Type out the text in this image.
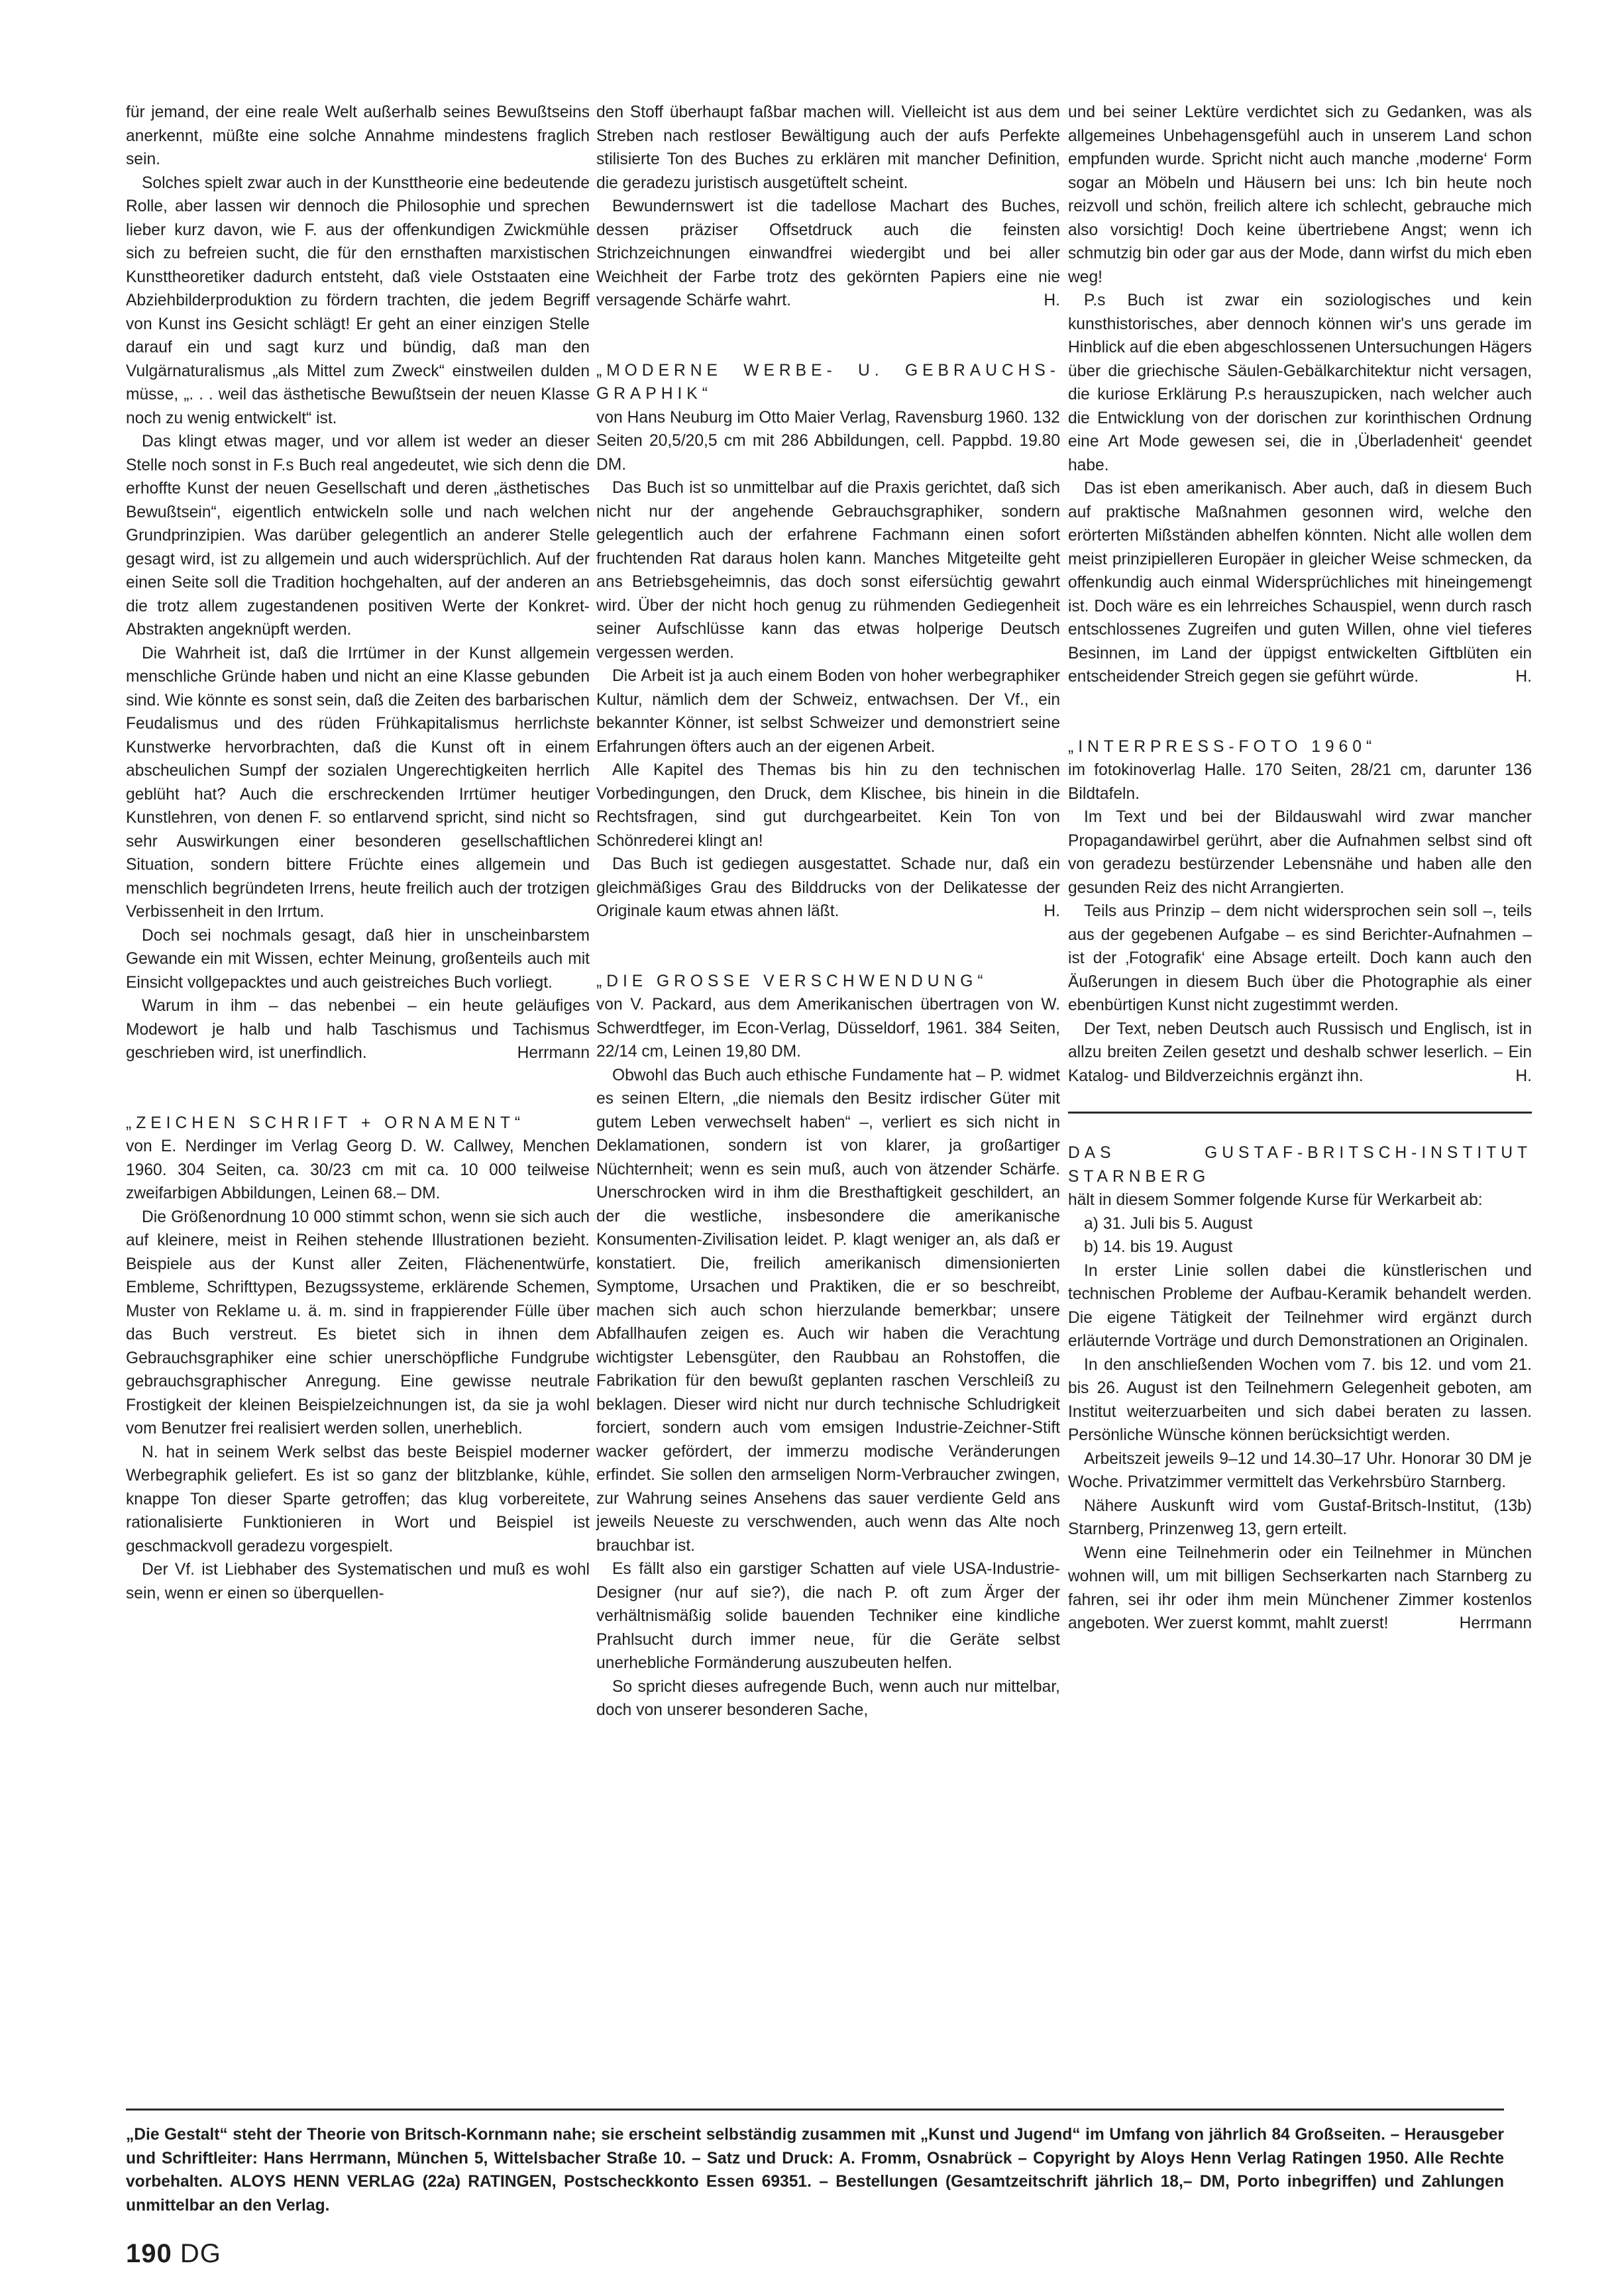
für jemand, der eine reale Welt außerhalb seines Bewußtseins anerkennt, müßte eine solche Annahme mindestens fraglich sein.

Solches spielt zwar auch in der Kunsttheorie eine bedeutende Rolle, aber lassen wir dennoch die Philosophie und sprechen lieber kurz davon, wie F. aus der offenkundigen Zwickmühle sich zu befreien sucht, die für den ernsthaften marxistischen Kunsttheoretiker dadurch entsteht, daß viele Oststaaten eine Abziehbilderproduktion zu fördern trachten, die jedem Begriff von Kunst ins Gesicht schlägt! Er geht an einer einzigen Stelle darauf ein und sagt kurz und bündig, daß man den Vulgärnaturalismus „als Mittel zum Zweck“ einstweilen dulden müsse, „. . . weil das ästhetische Bewußtsein der neuen Klasse noch zu wenig entwickelt“ ist.

Das klingt etwas mager, und vor allem ist weder an dieser Stelle noch sonst in F.s Buch real angedeutet, wie sich denn die erhoffte Kunst der neuen Gesellschaft und deren „ästhetisches Bewußtsein“, eigentlich entwickeln solle und nach welchen Grundprinzipien. Was darüber gelegentlich an anderer Stelle gesagt wird, ist zu allgemein und auch widersprüchlich. Auf der einen Seite soll die Tradition hochgehalten, auf der anderen an die trotz allem zugestandenen positiven Werte der Konkret-Abstrakten angeknüpft werden.

Die Wahrheit ist, daß die Irrtümer in der Kunst allgemein menschliche Gründe haben und nicht an eine Klasse gebunden sind. Wie könnte es sonst sein, daß die Zeiten des barbarischen Feudalismus und des rüden Frühkapitalismus herrlichste Kunstwerke hervorbrachten, daß die Kunst oft in einem abscheulichen Sumpf der sozialen Ungerechtigkeiten herrlich geblüht hat? Auch die erschreckenden Irrtümer heutiger Kunstlehren, von denen F. so entlarvend spricht, sind nicht so sehr Auswirkungen einer besonderen gesellschaftlichen Situation, sondern bittere Früchte eines allgemein und menschlich begründeten Irrens, heute freilich auch der trotzigen Verbissenheit in den Irrtum.

Doch sei nochmals gesagt, daß hier in unscheinbarstem Gewande ein mit Wissen, echter Meinung, großenteils auch mit Einsicht vollgepacktes und auch geistreiches Buch vorliegt.

Warum in ihm – das nebenbei – ein heute geläufiges Modewort je halb und halb Taschismus und Tachismus geschrieben wird, ist unerfindlich.	Herrmann

„ZEICHEN SCHRIFT + ORNAMENT“

von E. Nerdinger im Verlag Georg D. W. Callwey, Menchen 1960. 304 Seiten, ca. 30/23 cm mit ca. 10 000 teilweise zweifarbigen Abbildungen, Leinen 68.– DM.

Die Größenordnung 10 000 stimmt schon, wenn sie sich auch auf kleinere, meist in Reihen stehende Illustrationen bezieht. Beispiele aus der Kunst aller Zeiten, Flächenentwürfe, Embleme, Schrifttypen, Bezugssysteme, erklärende Schemen, Muster von Reklame u. ä. m. sind in frappierender Fülle über das Buch verstreut. Es bietet sich in ihnen dem Gebrauchsgraphiker eine schier unerschöpfliche Fundgrube gebrauchsgraphischer Anregung. Eine gewisse neutrale Frostigkeit der kleinen Beispielzeichnungen ist, da sie ja wohl vom Benutzer frei realisiert werden sollen, unerheblich.

N. hat in seinem Werk selbst das beste Beispiel moderner Werbegraphik geliefert. Es ist so ganz der blitzblanke, kühle, knappe Ton dieser Sparte getroffen; das klug vorbereitete, rationalisierte Funktionieren in Wort und Beispiel ist geschmackvoll geradezu vorgespielt.

Der Vf. ist Liebhaber des Systematischen und muß es wohl sein, wenn er einen so überquellen-

den Stoff überhaupt faßbar machen will. Vielleicht ist aus dem Streben nach restloser Bewältigung auch der aufs Perfekte stilisierte Ton des Buches zu erklären mit mancher Definition, die geradezu juristisch ausgetüftelt scheint.

Bewundernswert ist die tadellose Machart des Buches, dessen präziser Offsetdruck auch die feinsten Strichzeichnungen einwandfrei wiedergibt und bei aller Weichheit der Farbe trotz des gekörnten Papiers eine nie versagende Schärfe wahrt.	H.

„MODERNE WERBE- U. GEBRAUCHS-GRAPHIK“

von Hans Neuburg im Otto Maier Verlag, Ravensburg 1960. 132 Seiten 20,5/20,5 cm mit 286 Abbildungen, cell. Pappbd. 19.80 DM.

Das Buch ist so unmittelbar auf die Praxis gerichtet, daß sich nicht nur der angehende Gebrauchsgraphiker, sondern gelegentlich auch der erfahrene Fachmann einen sofort fruchtenden Rat daraus holen kann. Manches Mitgeteilte geht ans Betriebsgeheimnis, das doch sonst eifersüchtig gewahrt wird. Über der nicht hoch genug zu rühmenden Gediegenheit seiner Aufschlüsse kann das etwas holperige Deutsch vergessen werden.

Die Arbeit ist ja auch einem Boden von hoher werbegraphiker Kultur, nämlich dem der Schweiz, entwachsen. Der Vf., ein bekannter Könner, ist selbst Schweizer und demonstriert seine Erfahrungen öfters auch an der eigenen Arbeit.

Alle Kapitel des Themas bis hin zu den technischen Vorbedingungen, den Druck, dem Klischee, bis hinein in die Rechtsfragen, sind gut durchgearbeitet. Kein Ton von Schönrederei klingt an!

Das Buch ist gediegen ausgestattet. Schade nur, daß ein gleichmäßiges Grau des Bilddrucks von der Delikatesse der Originale kaum etwas ahnen läßt.	H.

„DIE GROSSE VERSCHWENDUNG“

von V. Packard, aus dem Amerikanischen übertragen von W. Schwerdtfeger, im Econ-Verlag, Düsseldorf, 1961. 384 Seiten, 22/14 cm, Leinen 19,80 DM.

Obwohl das Buch auch ethische Fundamente hat – P. widmet es seinen Eltern, „die niemals den Besitz irdischer Güter mit gutem Leben verwechselt haben“ –, verliert es sich nicht in Deklamationen, sondern ist von klarer, ja großartiger Nüchternheit; wenn es sein muß, auch von ätzender Schärfe. Unerschrocken wird in ihm die Bresthaftigkeit geschildert, an der die westliche, insbesondere die amerikanische Konsumenten-Zivilisation leidet. P. klagt weniger an, als daß er konstatiert. Die, freilich amerikanisch dimensionierten Symptome, Ursachen und Praktiken, die er so beschreibt, machen sich auch schon hierzulande bemerkbar; unsere Abfallhaufen zeigen es. Auch wir haben die Verachtung wichtigster Lebensgüter, den Raubbau an Rohstoffen, die Fabrikation für den bewußt geplanten raschen Verschleiß zu beklagen. Dieser wird nicht nur durch technische Schludrigkeit forciert, sondern auch vom emsigen Industrie-Zeichner-Stift wacker gefördert, der immerzu modische Veränderungen erfindet. Sie sollen den armseligen Norm-Verbraucher zwingen, zur Wahrung seines Ansehens das sauer verdiente Geld ans jeweils Neueste zu verschwenden, auch wenn das Alte noch brauchbar ist.

Es fällt also ein garstiger Schatten auf viele USA-Industrie-Designer (nur auf sie?), die nach P. oft zum Ärger der verhältnismäßig solide bauenden Techniker eine kindliche Prahlsucht durch immer neue, für die Geräte selbst unerhebliche Formänderung auszubeuten helfen.

So spricht dieses aufregende Buch, wenn auch nur mittelbar, doch von unserer besonderen Sache,

und bei seiner Lektüre verdichtet sich zu Gedanken, was als allgemeines Unbehagensgefühl auch in unserem Land schon empfunden wurde. Spricht nicht auch manche ‚moderne‘ Form sogar an Möbeln und Häusern bei uns: Ich bin heute noch reizvoll und schön, freilich altere ich schlecht, gebrauche mich also vorsichtig! Doch keine übertriebene Angst; wenn ich schmutzig bin oder gar aus der Mode, dann wirfst du mich eben weg!

P.s Buch ist zwar ein soziologisches und kein kunsthistorisches, aber dennoch können wir's uns gerade im Hinblick auf die eben abgeschlossenen Untersuchungen Hägers über die griechische Säulen-Gebälkarchitektur nicht versagen, die kuriose Erklärung P.s herauszupicken, nach welcher auch die Entwicklung von der dorischen zur korinthischen Ordnung eine Art Mode gewesen sei, die in ‚Überladenheit‘ geendet habe.

Das ist eben amerikanisch. Aber auch, daß in diesem Buch auf praktische Maßnahmen gesonnen wird, welche den erörterten Mißständen abhelfen könnten. Nicht alle wollen dem meist prinzipielleren Europäer in gleicher Weise schmecken, da offenkundig auch einmal Widersprüchliches mit hineingemengt ist. Doch wäre es ein lehrreiches Schauspiel, wenn durch rasch entschlossenes Zugreifen und guten Willen, ohne viel tieferes Besinnen, im Land der üppigst entwickelten Giftblüten ein entscheidender Streich gegen sie geführt würde.	H.

„INTERPRESS-FOTO 1960“

im fotokinoverlag Halle. 170 Seiten, 28/21 cm, darunter 136 Bildtafeln.

Im Text und bei der Bildauswahl wird zwar mancher Propagandawirbel gerührt, aber die Aufnahmen selbst sind oft von geradezu bestürzender Lebensnähe und haben alle den gesunden Reiz des nicht Arrangierten.

Teils aus Prinzip – dem nicht widersprochen sein soll –, teils aus der gegebenen Aufgabe – es sind Berichter-Aufnahmen – ist der ‚Fotografik‘ eine Absage erteilt. Doch kann auch den Äußerungen in diesem Buch über die Photographie als einer ebenbürtigen Kunst nicht zugestimmt werden.

Der Text, neben Deutsch auch Russisch und Englisch, ist in allzu breiten Zeilen gesetzt und deshalb schwer leserlich. – Ein Katalog- und Bildverzeichnis ergänzt ihn.	H.

DAS GUSTAF-BRITSCH-INSTITUT STARNBERG

hält in diesem Sommer folgende Kurse für Werkarbeit ab:

a) 31. Juli bis 5. August
b) 14. bis 19. August

In erster Linie sollen dabei die künstlerischen und technischen Probleme der Aufbau-Keramik behandelt werden. Die eigene Tätigkeit der Teilnehmer wird ergänzt durch erläuternde Vorträge und durch Demonstrationen an Originalen.

In den anschließenden Wochen vom 7. bis 12. und vom 21. bis 26. August ist den Teilnehmern Gelegenheit geboten, am Institut weiterzuarbeiten und sich dabei beraten zu lassen. Persönliche Wünsche können berücksichtigt werden.

Arbeitszeit jeweils 9–12 und 14.30–17 Uhr. Honorar 30 DM je Woche. Privatzimmer vermittelt das Verkehrsbüro Starnberg.

Nähere Auskunft wird vom Gustaf-Britsch-Institut, (13b) Starnberg, Prinzenweg 13, gern erteilt.

Wenn eine Teilnehmerin oder ein Teilnehmer in München wohnen will, um mit billigen Sechserkarten nach Starnberg zu fahren, sei ihr oder ihm mein Münchener Zimmer kostenlos angeboten. Wer zuerst kommt, mahlt zuerst!	Herrmann

„Die Gestalt“ steht der Theorie von Britsch-Kornmann nahe; sie erscheint selbständig zusammen mit „Kunst und Jugend“ im Umfang von jährlich 84 Großseiten. – Herausgeber und Schriftleiter: Hans Herrmann, München 5, Wittelsbacher Straße 10. – Satz und Druck: A. Fromm, Osnabrück – Copyright by Aloys Henn Verlag Ratingen 1950. Alle Rechte vorbehalten. ALOYS HENN VERLAG (22a) RATINGEN, Postscheckkonto Essen 69351. – Bestellungen (Gesamtzeitschrift jährlich 18,– DM, Porto inbegriffen) und Zahlungen unmittelbar an den Verlag.

190 DG
